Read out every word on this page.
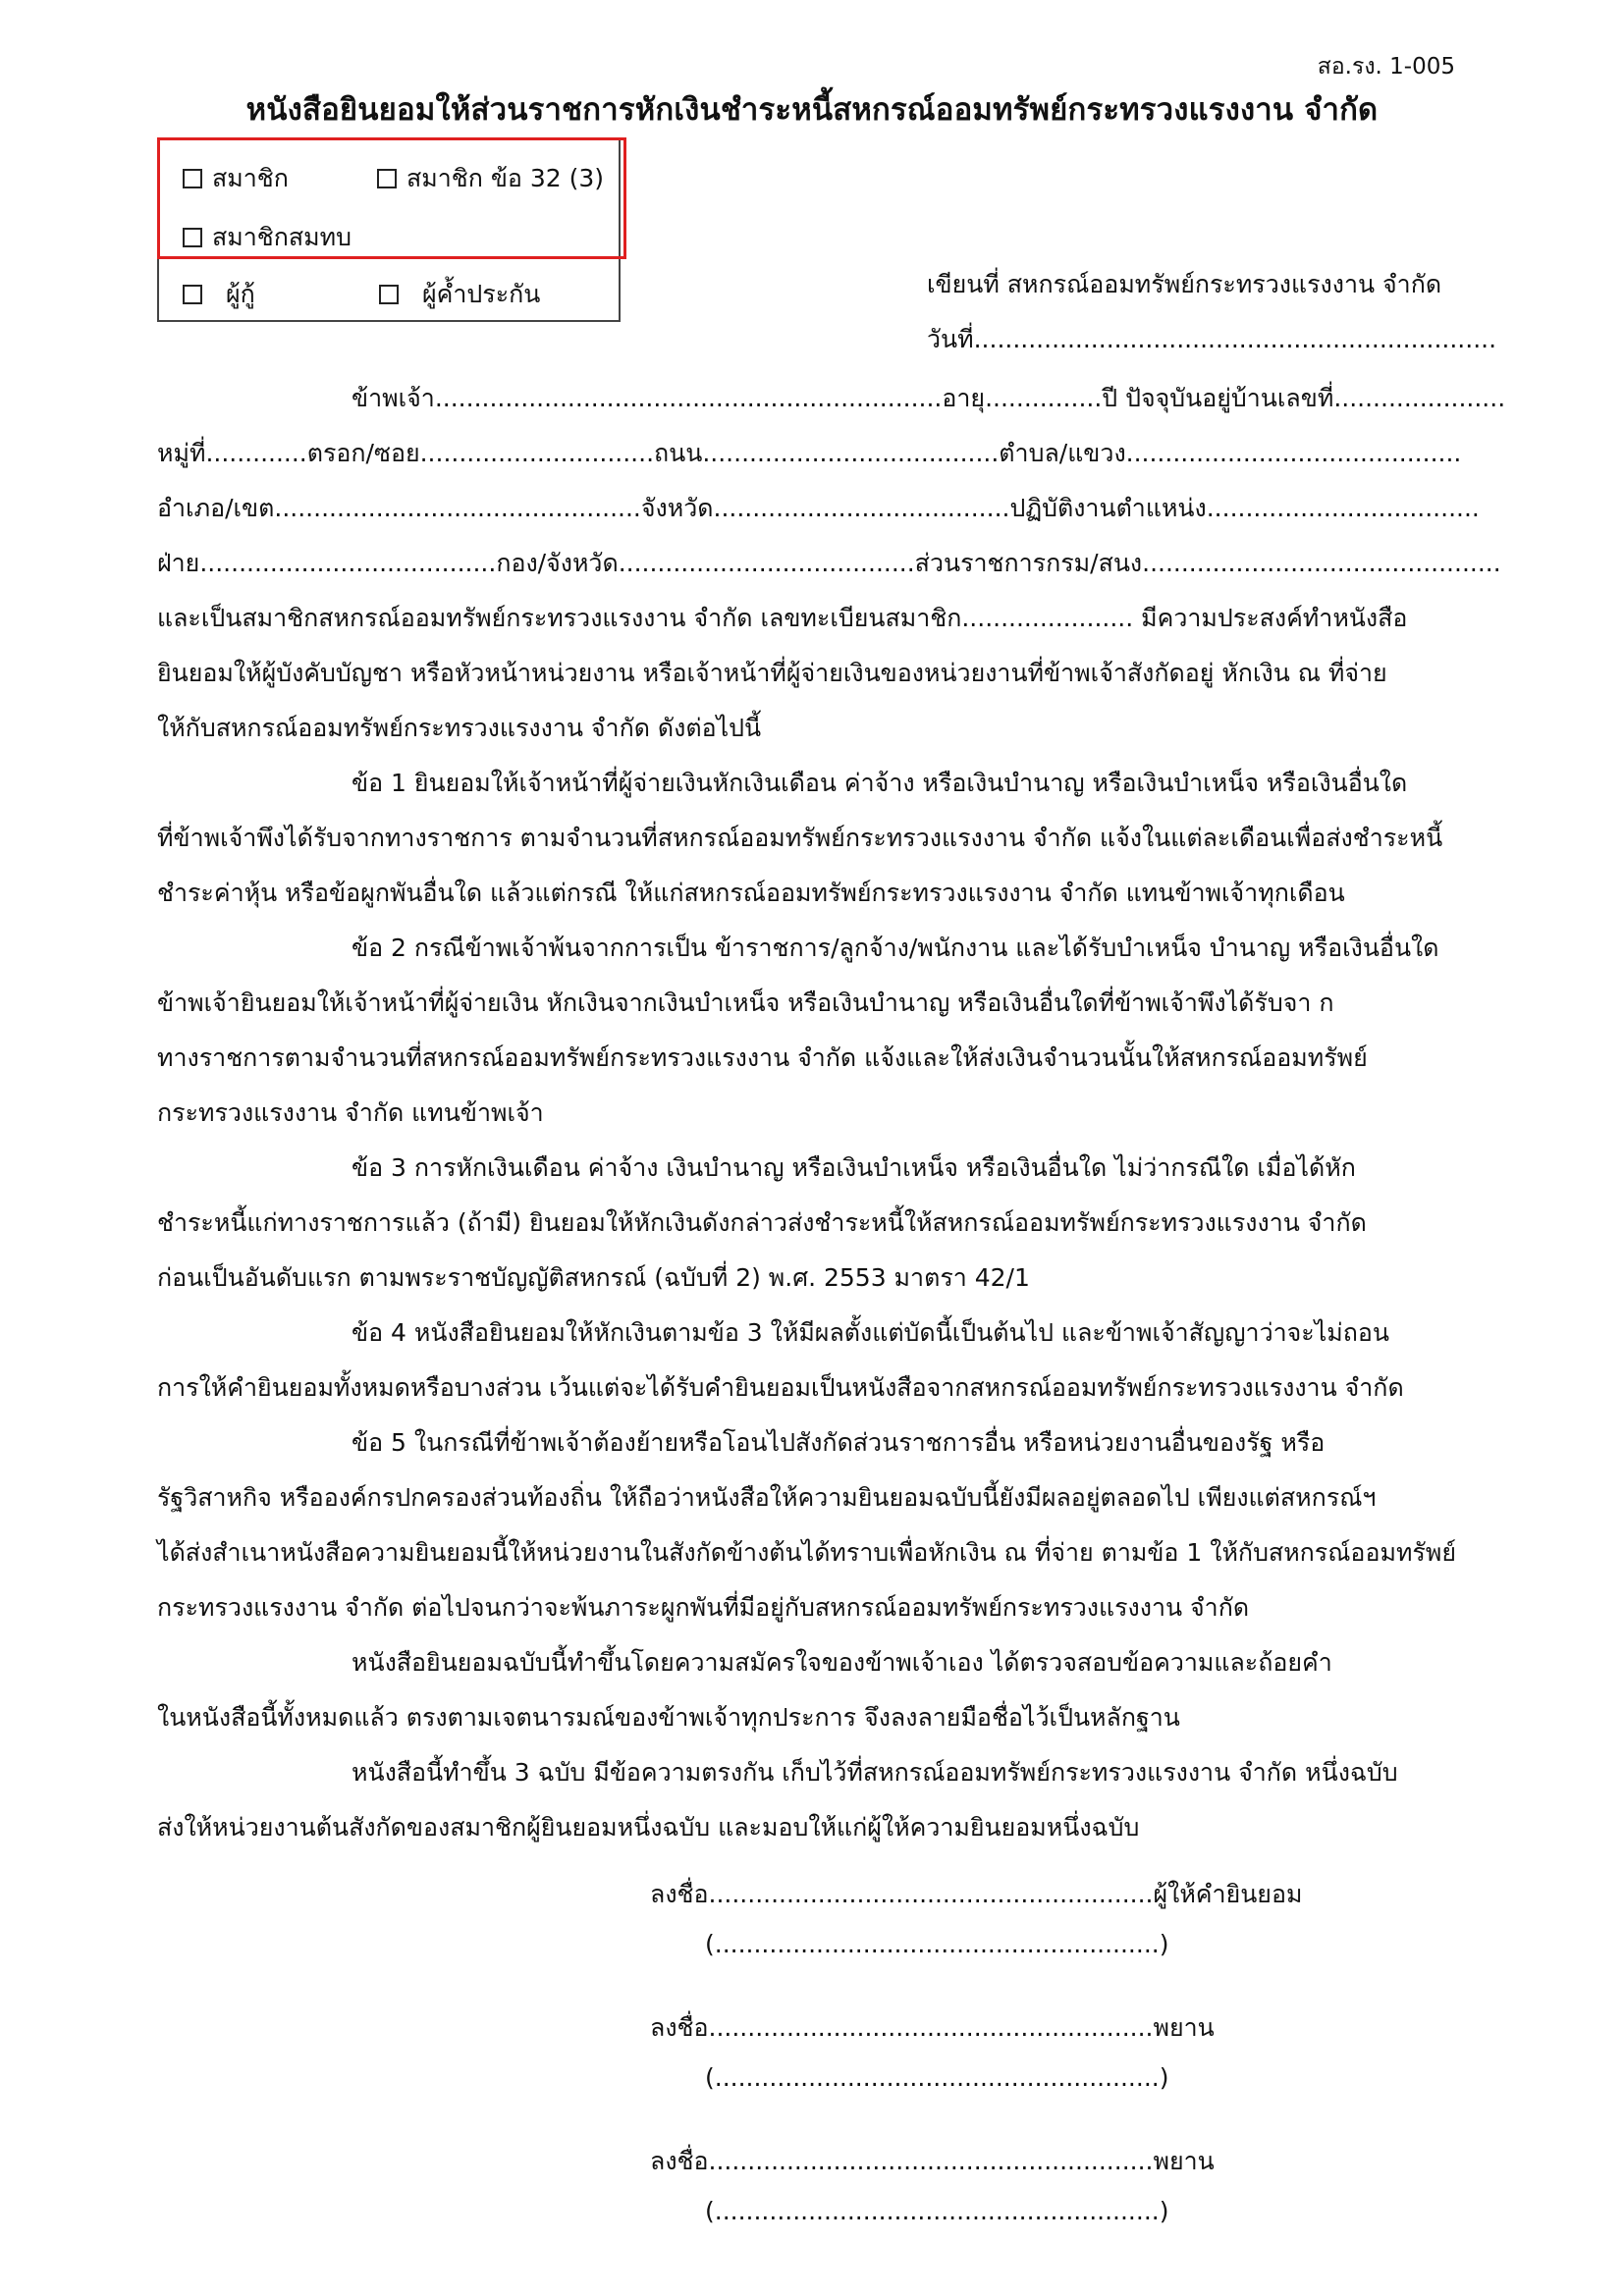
สอ.รง. 1-005
หนังสือยินยอมให้ส่วนราชการหักเงินชำระหนี้สหกรณ์ออมทรัพย์กระทรวงแรงงาน จำกัด
สมาชิก	สมาชิก ข้อ 32 (3)
สมาชิกสมทบ
ผู้กู้	ผู้ค้ำประกัน	เขียนที่ สหกรณ์ออมทรัพย์กระทรวงแรงงาน จำกัด
วันที่...................................................................
ข้าพเจ้า.................................................................อายุ...............ปี ปัจจุบันอยู่บ้านเลขที่......................
หมู่ที่.............ตรอก/ซอย..............................ถนน......................................ตำบล/แขวง...........................................
อำเภอ/เขต...............................................จังหวัด......................................ปฏิบัติงานตำแหน่ง...................................
ฝ่าย......................................กอง/จังหวัด......................................ส่วนราชการกรม/สนง..............................................
และเป็นสมาชิกสหกรณ์ออมทรัพย์กระทรวงแรงงาน จำกัด เลขทะเบียนสมาชิก...................... มีความประสงค์ทำหนังสือ
ยินยอมให้ผู้บังคับบัญชา หรือหัวหน้าหน่วยงาน หรือเจ้าหน้าที่ผู้จ่ายเงินของหน่วยงานที่ข้าพเจ้าสังกัดอยู่ หักเงิน ณ ที่จ่าย
ให้กับสหกรณ์ออมทรัพย์กระทรวงแรงงาน จำกัด ดังต่อไปนี้
ข้อ 1 ยินยอมให้เจ้าหน้าที่ผู้จ่ายเงินหักเงินเดือน ค่าจ้าง หรือเงินบำนาญ หรือเงินบำเหน็จ หรือเงินอื่นใด
ที่ข้าพเจ้าพึงได้รับจากทางราชการ ตามจำนวนที่สหกรณ์ออมทรัพย์กระทรวงแรงงาน จำกัด แจ้งในแต่ละเดือนเพื่อส่งชำระหนี้
ชำระค่าหุ้น หรือข้อผูกพันอื่นใด แล้วแต่กรณี ให้แก่สหกรณ์ออมทรัพย์กระทรวงแรงงาน จำกัด แทนข้าพเจ้าทุกเดือน
ข้อ 2 กรณีข้าพเจ้าพ้นจากการเป็น ข้าราชการ/ลูกจ้าง/พนักงาน และได้รับบำเหน็จ บำนาญ หรือเงินอื่นใด
ข้าพเจ้ายินยอมให้เจ้าหน้าที่ผู้จ่ายเงิน หักเงินจากเงินบำเหน็จ หรือเงินบำนาญ หรือเงินอื่นใดที่ข้าพเจ้าพึงได้รับจา ก
ทางราชการตามจำนวนที่สหกรณ์ออมทรัพย์กระทรวงแรงงาน จำกัด แจ้งและให้ส่งเงินจำนวนนั้นให้สหกรณ์ออมทรัพย์
กระทรวงแรงงาน จำกัด แทนข้าพเจ้า
ข้อ 3 การหักเงินเดือน ค่าจ้าง เงินบำนาญ หรือเงินบำเหน็จ หรือเงินอื่นใด ไม่ว่ากรณีใด เมื่อได้หัก
ชำระหนี้แก่ทางราชการแล้ว (ถ้ามี) ยินยอมให้หักเงินดังกล่าวส่งชำระหนี้ให้สหกรณ์ออมทรัพย์กระทรวงแรงงาน จำกัด
ก่อนเป็นอันดับแรก ตามพระราชบัญญัติสหกรณ์ (ฉบับที่ 2) พ.ศ. 2553 มาตรา 42/1
ข้อ 4 หนังสือยินยอมให้หักเงินตามข้อ 3 ให้มีผลตั้งแต่บัดนี้เป็นต้นไป และข้าพเจ้าสัญญาว่าจะไม่ถอน
การให้คำยินยอมทั้งหมดหรือบางส่วน เว้นแต่จะได้รับคำยินยอมเป็นหนังสือจากสหกรณ์ออมทรัพย์กระทรวงแรงงาน จำกัด
ข้อ 5 ในกรณีที่ข้าพเจ้าต้องย้ายหรือโอนไปสังกัดส่วนราชการอื่น หรือหน่วยงานอื่นของรัฐ หรือ
รัฐวิสาหกิจ หรือองค์กรปกครองส่วนท้องถิ่น ให้ถือว่าหนังสือให้ความยินยอมฉบับนี้ยังมีผลอยู่ตลอดไป เพียงแต่สหกรณ์ฯ
ได้ส่งสำเนาหนังสือความยินยอมนี้ให้หน่วยงานในสังกัดข้างต้นได้ทราบเพื่อหักเงิน ณ ที่จ่าย ตามข้อ 1 ให้กับสหกรณ์ออมทรัพย์
กระทรวงแรงงาน จำกัด ต่อไปจนกว่าจะพ้นภาระผูกพันที่มีอยู่กับสหกรณ์ออมทรัพย์กระทรวงแรงงาน จำกัด
หนังสือยินยอมฉบับนี้ทำขึ้นโดยความสมัครใจของข้าพเจ้าเอง ได้ตรวจสอบข้อความและถ้อยคำ
ในหนังสือนี้ทั้งหมดแล้ว ตรงตามเจตนารมณ์ของข้าพเจ้าทุกประการ จึงลงลายมือชื่อไว้เป็นหลักฐาน
หนังสือนี้ทำขึ้น 3 ฉบับ มีข้อความตรงกัน เก็บไว้ที่สหกรณ์ออมทรัพย์กระทรวงแรงงาน จำกัด หนึ่งฉบับ
ส่งให้หน่วยงานต้นสังกัดของสมาชิกผู้ยินยอมหนึ่งฉบับ และมอบให้แก่ผู้ให้ความยินยอมหนึ่งฉบับ
ลงชื่อ.........................................................ผู้ให้คำยินยอม
(.........................................................)
ลงชื่อ.........................................................พยาน
(.........................................................)
ลงชื่อ.........................................................พยาน
(.........................................................)
